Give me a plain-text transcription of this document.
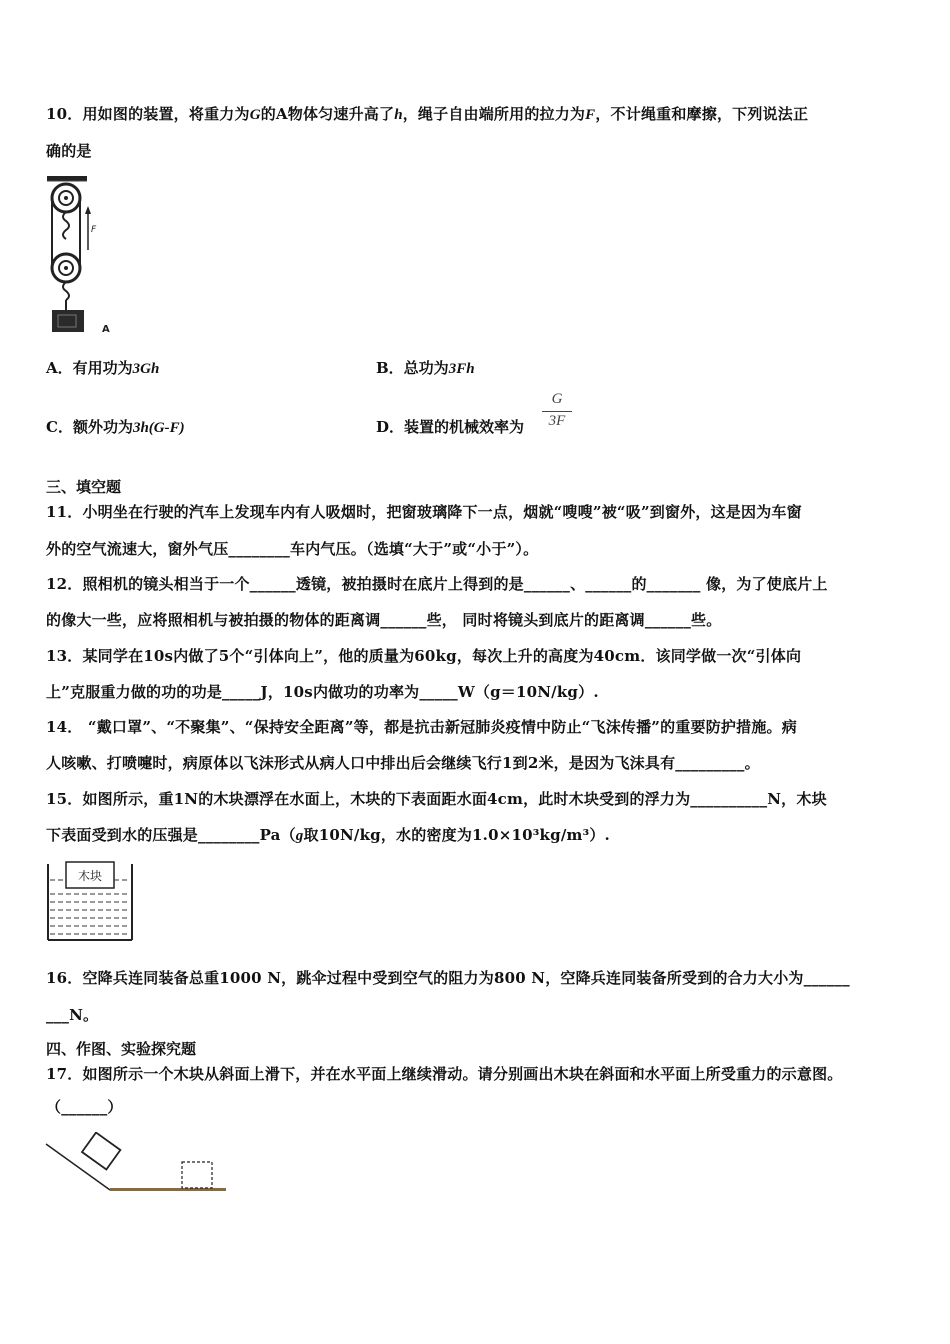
10．用如图的装置，将重力为G的A物体匀速升高了h，绳子自由端所用的拉力为F，不计绳重和摩擦，下列说法正
确的是
F
A
A．有用功为3Gh	B．总功为3Fh
C．额外功为3h(G-F)	D．装置的机械效率为
G
3F
三、填空题
11．小明坐在行驶的汽车上发现车内有人吸烟时，把窗玻璃降下一点，烟就“嗖嗖”被“吸”到窗外，这是因为车窗
外的空气流速大，窗外气压________车内气压。（选填“大于”或“小于”）。
12．照相机的镜头相当于一个______透镜，被拍摄时在底片上得到的是______、______的_______ 像，为了使底片上
的像大一些，应将照相机与被拍摄的物体的距离调______些， 同时将镜头到底片的距离调______些。
13．某同学在10s内做了5个“引体向上”，他的质量为60kg，每次上升的高度为40cm．该同学做一次“引体向
上”克服重力做的功的功是_____J，10s内做功的功率为_____W（g＝10N/kg）.
14． “戴口罩”、“不聚集”、“保持安全距离”等，都是抗击新冠肺炎疫情中防止“飞沫传播”的重要防护措施。病
人咳嗽、打喷嚏时，病原体以飞沫形式从病人口中排出后会继续飞行1到2米，是因为飞沫具有_________。
15．如图所示，重1N的木块漂浮在水面上，木块的下表面距水面4cm，此时木块受到的浮力为__________N，木块
下表面受到水的压强是________Pa（g取10N/kg，水的密度为1.0×10³kg/m³）.
木块
16．空降兵连同装备总重1000 N，跳伞过程中受到空气的阻力为800 N，空降兵连同装备所受到的合力大小为______
___N。
四、作图、实验探究题
17．如图所示一个木块从斜面上滑下，并在水平面上继续滑动。请分别画出木块在斜面和水平面上所受重力的示意图。
（______）
